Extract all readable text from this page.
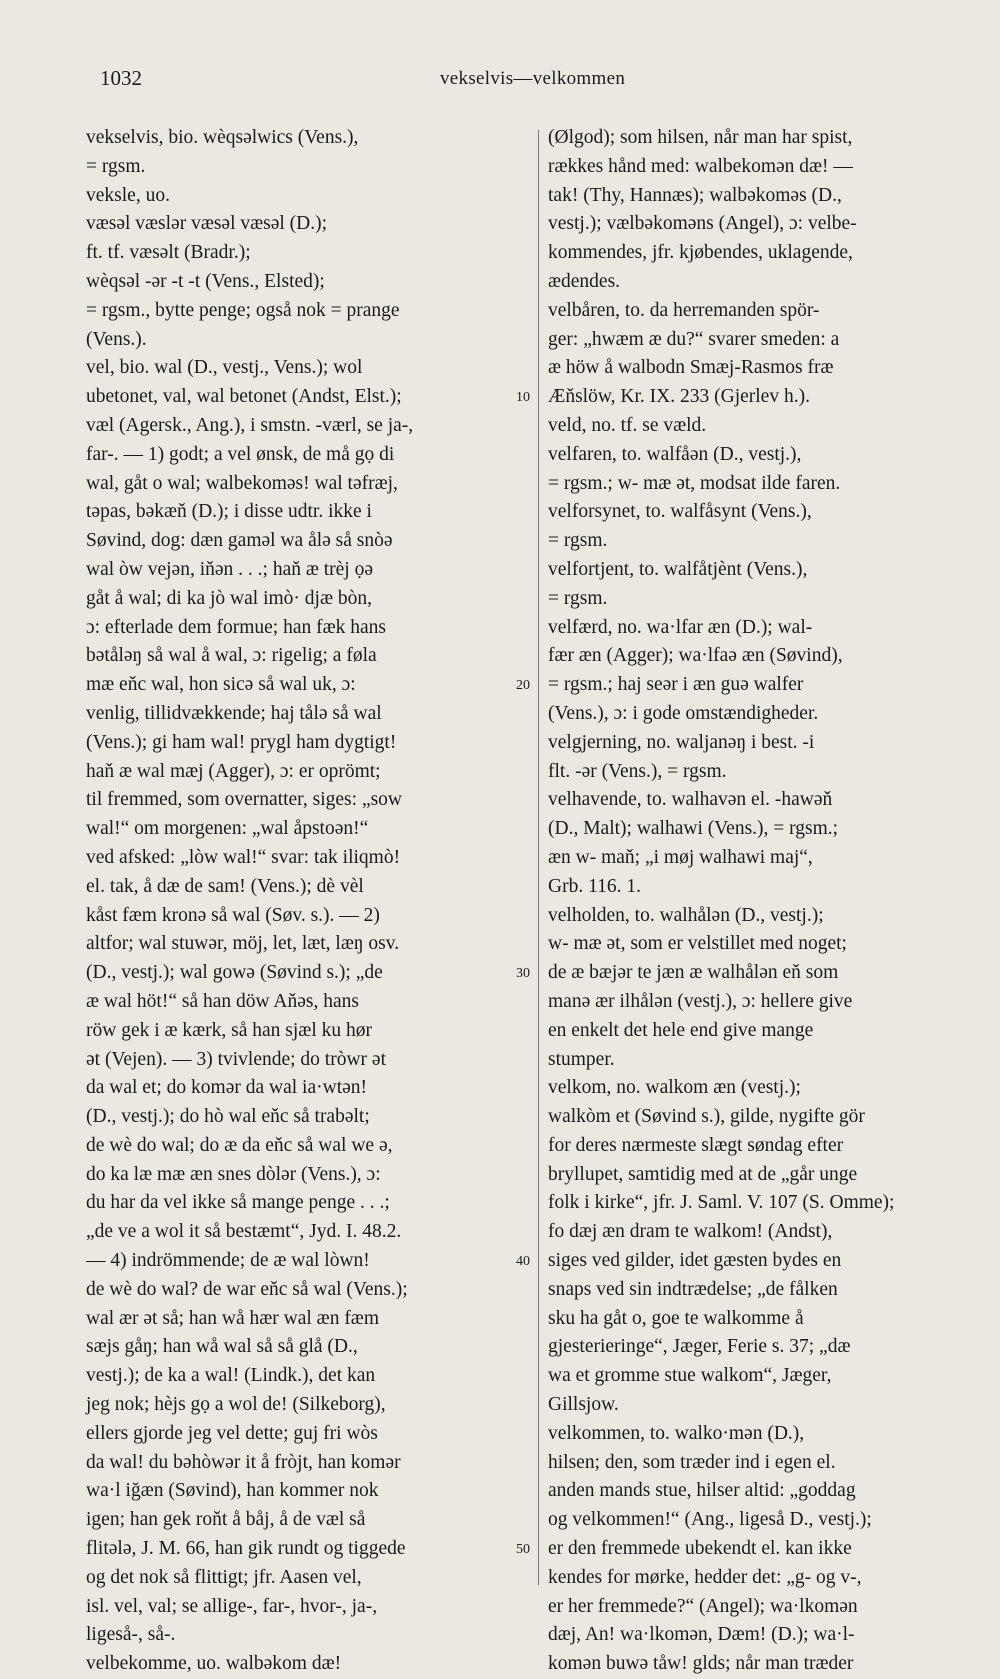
1032	vekselvis—velkommen

vekselvis, bio. wèqsəlwics (Vens.),

= rgsm.

veksle, uo.

væsəl væslər væsəl væsəl (D.);

ft. tf. væsəlt (Bradr.);

wèqsəl -ər -t -t (Vens., Elsted);

= rgsm., bytte penge; også nok = prange

(Vens.).

vel, bio. wal (D., vestj., Vens.); wol

ubetonet, val, wal betonet (Andst, Elst.);

væl (Agersk., Ang.), i smstn. -værl, se ja-,

far-. — 1) godt; a vel ønsk, de må gọ di

wal, gåt o wal; walbekoməs! wal təfræj,

təpas, bəkæň (D.); i disse udtr. ikke i

Søvind, dog: dæn gaməl wa ålə så snòə

wal òw vejən, iňən . . .; haň æ trèj ọə

gåt å wal; di ka jò wal imò· djæ bòn,

ɔ: efterlade dem formue; han fæk hans

bətåləŋ så wal å wal, ɔ: rigelig; a føla

mæ eňc wal, hon sicə så wal uk, ɔ:

venlig, tillidvækkende; haj tålə så wal

(Vens.); gi ham wal! prygl ham dygtigt!

haň æ wal mæj (Agger), ɔ: er oprömt;

til fremmed, som overnatter, siges: „sow

wal!“ om morgenen: „wal åpstoən!“

ved afsked: „lòw wal!“ svar: tak iliqmò!

el. tak, å dæ de sam! (Vens.); dè vèl

kåst fæm kronə så wal (Søv. s.). — 2)

altfor; wal stuwər, möj, let, læt, læŋ osv.

(D., vestj.); wal gowə (Søvind s.); „de

æ wal höt!“ så han döw Aňəs, hans

röw gek i æ kærk, så han sjæl ku hør

ət (Vejen). — 3) tvivlende; do tròwr ət

da wal et; do komər da wal ia·wtən!

(D., vestj.); do hò wal eňc så trabəlt;

de wè do wal; do æ da eňc så wal we ə,

do ka læ mæ æn snes dòlər (Vens.), ɔ:

du har da vel ikke så mange penge . . .;

„de ve a wol it så bestæmt“, Jyd. I. 48.2.

— 4) indrömmende; de æ wal lòwn!

de wè do wal? de war eňc så wal (Vens.);

wal ær ət så; han wå hær wal æn fæm

sæjs gåŋ; han wå wal så så glå (D.,

vestj.); de ka a wal! (Lindk.), det kan

jeg nok; hèjs gọ a wol de! (Silkeborg),

ellers gjorde jeg vel dette; guj fri wòs

da wal! du bəhòwər it å fròjt, han komər

wa·l iğæn (Søvind), han kommer nok

igen; han gek roňt å båj, å de væl så

flitələ, J. M. 66, han gik rundt og tiggede

og det nok så flittigt; jfr. Aasen vel,

isl. vel, val; se allige-, far-, hvor-, ja-,

ligeså-, så-.

velbekomme, uo. walbəkom dæ!

(Ølgod); som hilsen, når man har spist,

rækkes hånd med: walbekomən dæ! —

tak! (Thy, Hannæs); walbəkoməs (D.,

vestj.); vælbəkoməns (Angel), ɔ: velbe-

kommendes, jfr. kjøbendes, uklagende,

ædendes.

velbåren, to. da herremanden spör-

ger: „hwæm æ du?“ svarer smeden: a

æ höw å walbodn Smæj-Rasmos fræ

Æňslöw, Kr. IX. 233 (Gjerlev h.).

veld, no. tf. se væld.

velfaren, to. walfåən (D., vestj.),

= rgsm.; w- mæ ət, modsat ilde faren.

velforsynet, to. walfåsynt (Vens.),

= rgsm.

velfortjent, to. walfåtjènt (Vens.),

= rgsm.

velfærd, no. wa·lfar æn (D.); wal-

fær æn (Agger); wa·lfaə æn (Søvind),

= rgsm.; haj seər i æn guə walfer

(Vens.), ɔ: i gode omstændigheder.

velgjerning, no. waljanəŋ i best. -i

flt. -ər (Vens.), = rgsm.

velhavende, to. walhavən el. -hawəň

(D., Malt); walhawi (Vens.), = rgsm.;

æn w- maň; „i møj walhawi maj“,

Grb. 116. 1.

velholden, to. walhålən (D., vestj.);

w- mæ ət, som er velstillet med noget;

de æ bæjər te jæn æ walhålən eň som

manə ær ilhålən (vestj.), ɔ: hellere give

en enkelt det hele end give mange

stumper.

velkom, no. walkom æn (vestj.);

walkòm et (Søvind s.), gilde, nygifte gör

for deres nærmeste slægt søndag efter

bryllupet, samtidig med at de „går unge

folk i kirke“, jfr. J. Saml. V. 107 (S. Omme);

fo dæj æn dram te walkom! (Andst),

siges ved gilder, idet gæsten bydes en

snaps ved sin indtrædelse; „de fålken

sku ha gåt o, goe te walkomme å

gjesterieringe“, Jæger, Ferie s. 37; „dæ

wa et gromme stue walkom“, Jæger,

Gillsjow.

velkommen, to. walko·mən (D.),

hilsen; den, som træder ind i egen el.

anden mands stue, hilser altid: „goddag

og velkommen!“ (Ang., ligeså D., vestj.);

er den fremmede ubekendt el. kan ikke

kendes for mørke, hedder det: „g- og v-,

er her fremmede?“ (Angel); wa·lkomən

dæj, An! wa·lkomən, Dæm! (D.); wa·l-

komən buwə tåw! glds; når man træder

10
20
30
40
50
